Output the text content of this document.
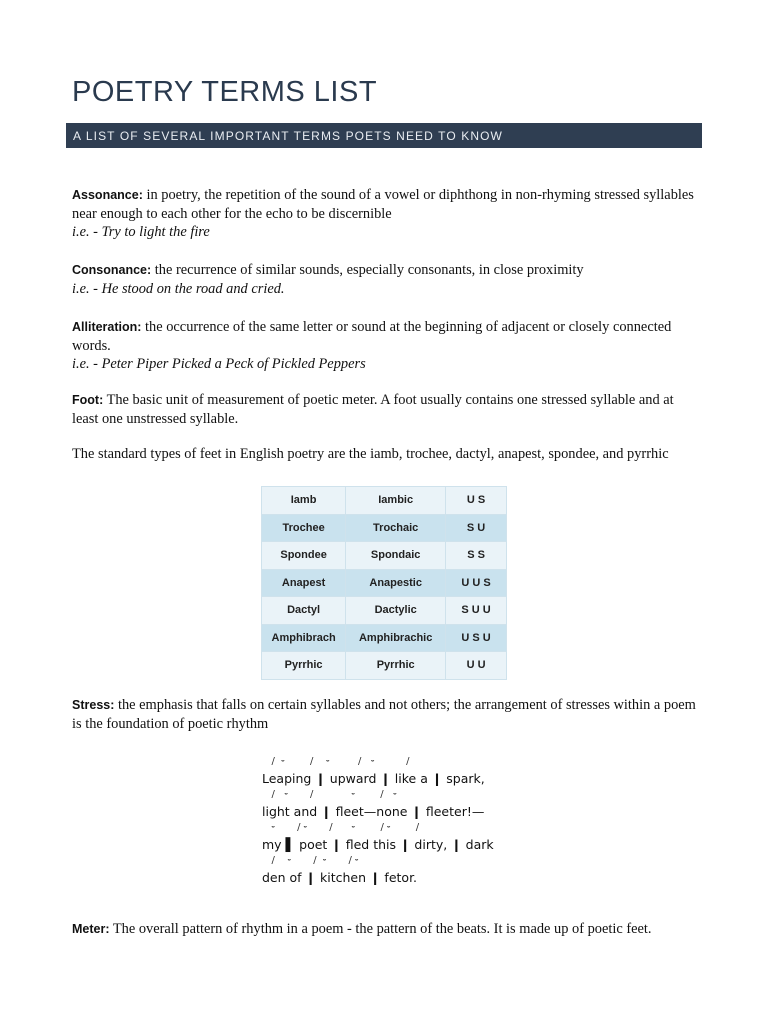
POETRY TERMS LIST
A LIST OF SEVERAL IMPORTANT TERMS POETS NEED TO KNOW
Assonance: in poetry, the repetition of the sound of a vowel or diphthong in non-rhyming stressed syllables near enough to each other for the echo to be discernible
i.e. - Try to light the fire
Consonance: the recurrence of similar sounds, especially consonants, in close proximity
i.e. - He stood on the road and cried.
Alliteration: the occurrence of the same letter or sound at the beginning of adjacent or closely connected words.
i.e. - Peter Piper Picked a Peck of Pickled Peppers
Foot: The basic unit of measurement of poetic meter. A foot usually contains one stressed syllable and at least one unstressed syllable.
The standard types of feet in English poetry are the iamb, trochee, dactyl, anapest, spondee, and pyrrhic
Iamb	Iambic	U S
Trochee	Trochaic	S U
Spondee	Spondaic	S S
Anapest	Anapestic	U U S
Dactyl	Dactylic	S U U
Amphibrach	Amphibrachic	U S U
Pyrrhic	Pyrrhic	U U
Stress: the emphasis that falls on certain syllables and not others; the arrangement of stresses within a poem is the foundation of poetic rhythm
/  ⏑        /    ⏑         /   ⏑          /
Leaping ❙ upward ❙ like a ❙ spark,
/   ⏑       /            ⏑        /   ⏑
light and ❙ fleet—none ❙ fleeter!—
⏑       / ⏑       /      ⏑        / ⏑        /
my ▌ poet ❙ fled this ❙ dirty, ❙ dark
/    ⏑       /  ⏑       / ⏑
den of ❙ kitchen ❙ fetor.
Meter: The overall pattern of rhythm in a poem - the pattern of the beats. It is made up of poetic feet.
